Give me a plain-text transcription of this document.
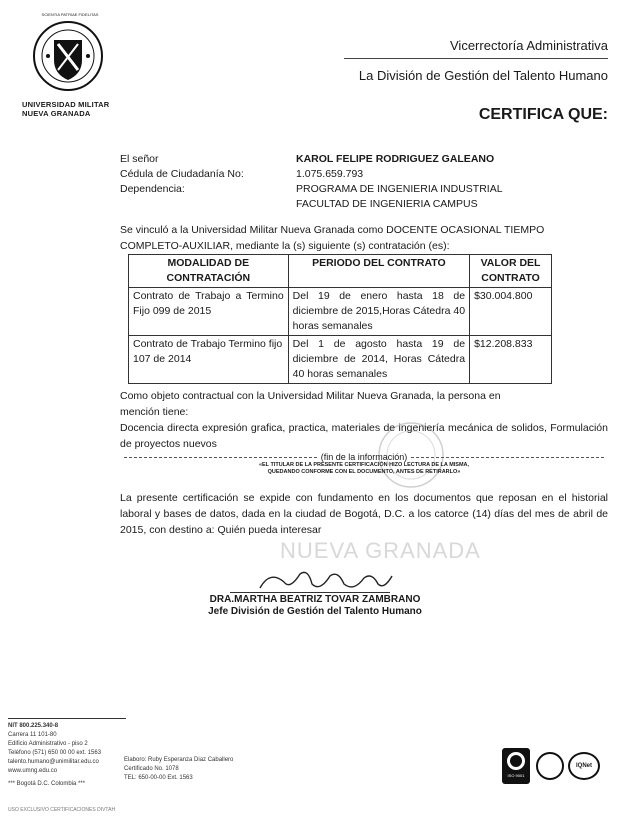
UNIVERSIDAD MILITAR
NUEVA GRANADA
SCIENTIA PATRIAE FIDELITAS
Vicerrectoría Administrativa
La División de Gestión del Talento Humano
CERTIFICA QUE:
El señor	KAROL FELIPE RODRIGUEZ GALEANO
Cédula de Ciudadanía No:	1.075.659.793
Dependencia:	PROGRAMA DE INGENIERIA INDUSTRIAL
FACULTAD DE INGENIERIA CAMPUS
Se vinculó a la Universidad Militar Nueva Granada como DOCENTE OCASIONAL TIEMPO COMPLETO-AUXILIAR, mediante la (s) siguiente (s) contratación (es):
MODALIDAD DE CONTRATACIÓN	PERIODO DEL CONTRATO	VALOR DEL CONTRATO
Contrato de Trabajo a Termino Fijo 099 de 2015	Del 19 de enero hasta 18 de diciembre de 2015,Horas Cátedra 40 horas semanales	$30.004.800
Contrato de Trabajo Termino fijo 107 de 2014	Del 1 de agosto hasta 19 de diciembre de 2014, Horas Cátedra 40 horas semanales	$12.208.833
Como objeto contractual con la Universidad Militar Nueva Granada, la persona en mención tiene:
Docencia directa expresión grafica, practica, materiales de ingeniería mecánica de solidos, Formulación de proyectos nuevos
(fin de la información)
«EL TITULAR DE LA PRESENTE CERTIFICACIÓN HIZO LECTURA DE LA MISMA,
QUEDANDO CONFORME CON EL DOCUMENTO, ANTES DE RETIRARLO»
La presente certificación se expide con fundamento en los documentos que reposan en el historial laboral y bases de datos, dada en la ciudad de Bogotá, D.C. a los catorce (14) días del mes de abril de 2015, con destino a: Quién pueda interesar
NUEVA GRANADA
DRA.MARTHA BEATRIZ TOVAR ZAMBRANO
Jefe División de Gestión del Talento Humano
NIT 800.225.340-8
Carrera 11 101-80
Edificio Administrativo - piso 2
Teléfono (571) 650 00 00 ext. 1563
talento.humano@unimilitar.edu.co
www.umng.edu.co
*** Bogotá D.C. Colombia ***
USO EXCLUSIVO CERTIFICACIONES DIVTAH
Elaboro: Ruby Esperanza Diaz Caballero
Certificado No. 1078
TEL: 650-00-00 Ext. 1563	ISO 9001
IQNet
